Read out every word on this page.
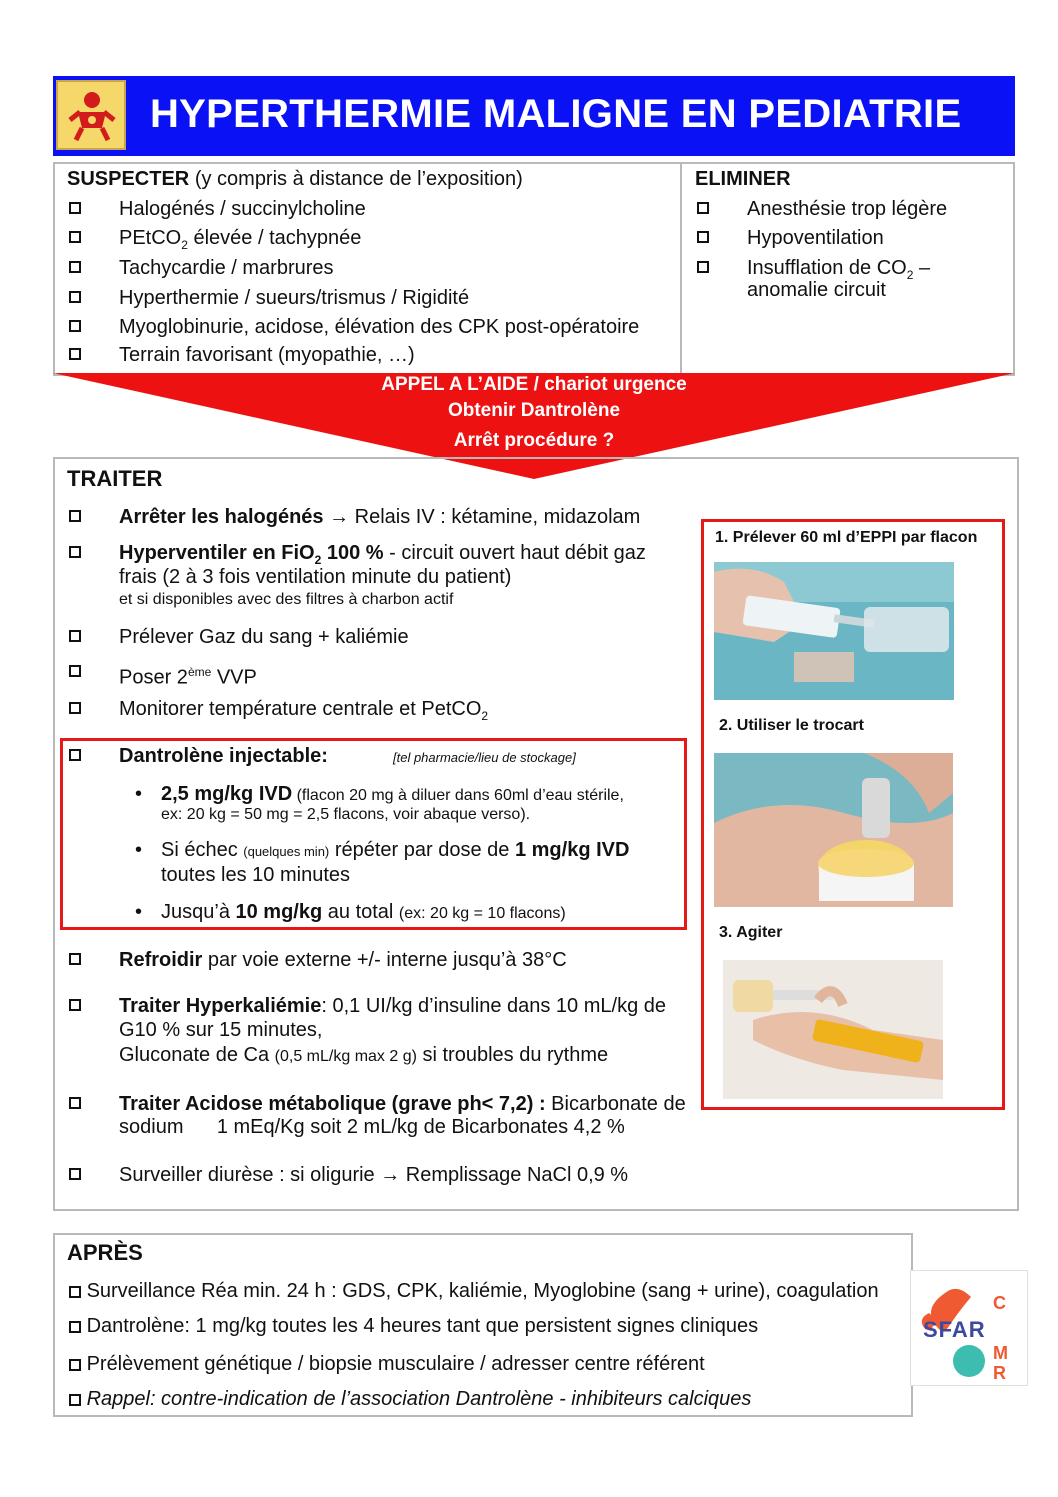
HYPERTHERMIE MALIGNE EN PEDIATRIE
SUSPECTER (y compris à distance de l’exposition)
Halogénés / succinylcholine
PEtCO$_2$ élevée / tachypnée
Tachycardie / marbrures
Hyperthermie / sueurs/trismus / Rigidité
Myoglobinurie, acidose, élévation des CPK post-opératoire
Terrain favorisant (myopathie, …)
ELIMINER
Anesthésie trop légère
Hypoventilation
Insufflation de $CO_2$ –
anomalie circuit
APPEL A L’AIDE / chariot urgence
Obtenir Dantrolène
Arrêt procédure ?
TRAITER
Arrêter les halogénés → Relais IV : kétamine, midazolam
Hyperventiler en FiO$_2$ 100 % - circuit ouvert haut débit gaz
frais (2 à 3 fois ventilation minute du patient)
et si disponibles avec des filtres à charbon actif
Prélever Gaz du sang + kaliémie
Poser 2ème VVP
Monitorer température centrale et PetCO$_2$
Dantrolène injectable:	[tel pharmacie/lieu de stockage]
• 2,5 mg/kg IVD (flacon 20 mg à diluer dans 60ml d’eau stérile,
ex: 20 kg = 50 mg = 2,5 flacons, voir abaque verso).
• Si échec (quelques min) répéter par dose de 1 mg/kg IVD
toutes les 10 minutes
• Jusqu’à 10 mg/kg au total (ex: 20 kg = 10 flacons)
Refroidir par voie externe +/- interne jusqu’à 38°C
Traiter Hyperkaliémie: 0,1 UI/kg d’insuline dans 10 mL/kg de
G10 % sur 15 minutes,
Gluconate de Ca (0,5 mL/kg max 2 g) si troubles du rythme
Traiter Acidose métabolique (grave ph< 7,2) : Bicarbonate de
sodium      1 mEq/Kg soit 2 mL/kg de Bicarbonates 4,2 %
Surveiller diurèse : si oligurie → Remplissage NaCl 0,9 %
1. Prélever 60 ml d’EPPI par flacon
2. Utiliser le trocart
3. Agiter
APRÈS
Surveillance Réa min. 24 h : GDS, CPK, kaliémie, Myoglobine (sang + urine), coagulation
Dantrolène: 1 mg/kg toutes les 4 heures tant que persistent signes cliniques
Prélèvement génétique / biopsie musculaire / adresser centre référent
Rappel: contre-indication de l’association Dantrolène - inhibiteurs calciques
SFAR
C
M
R
